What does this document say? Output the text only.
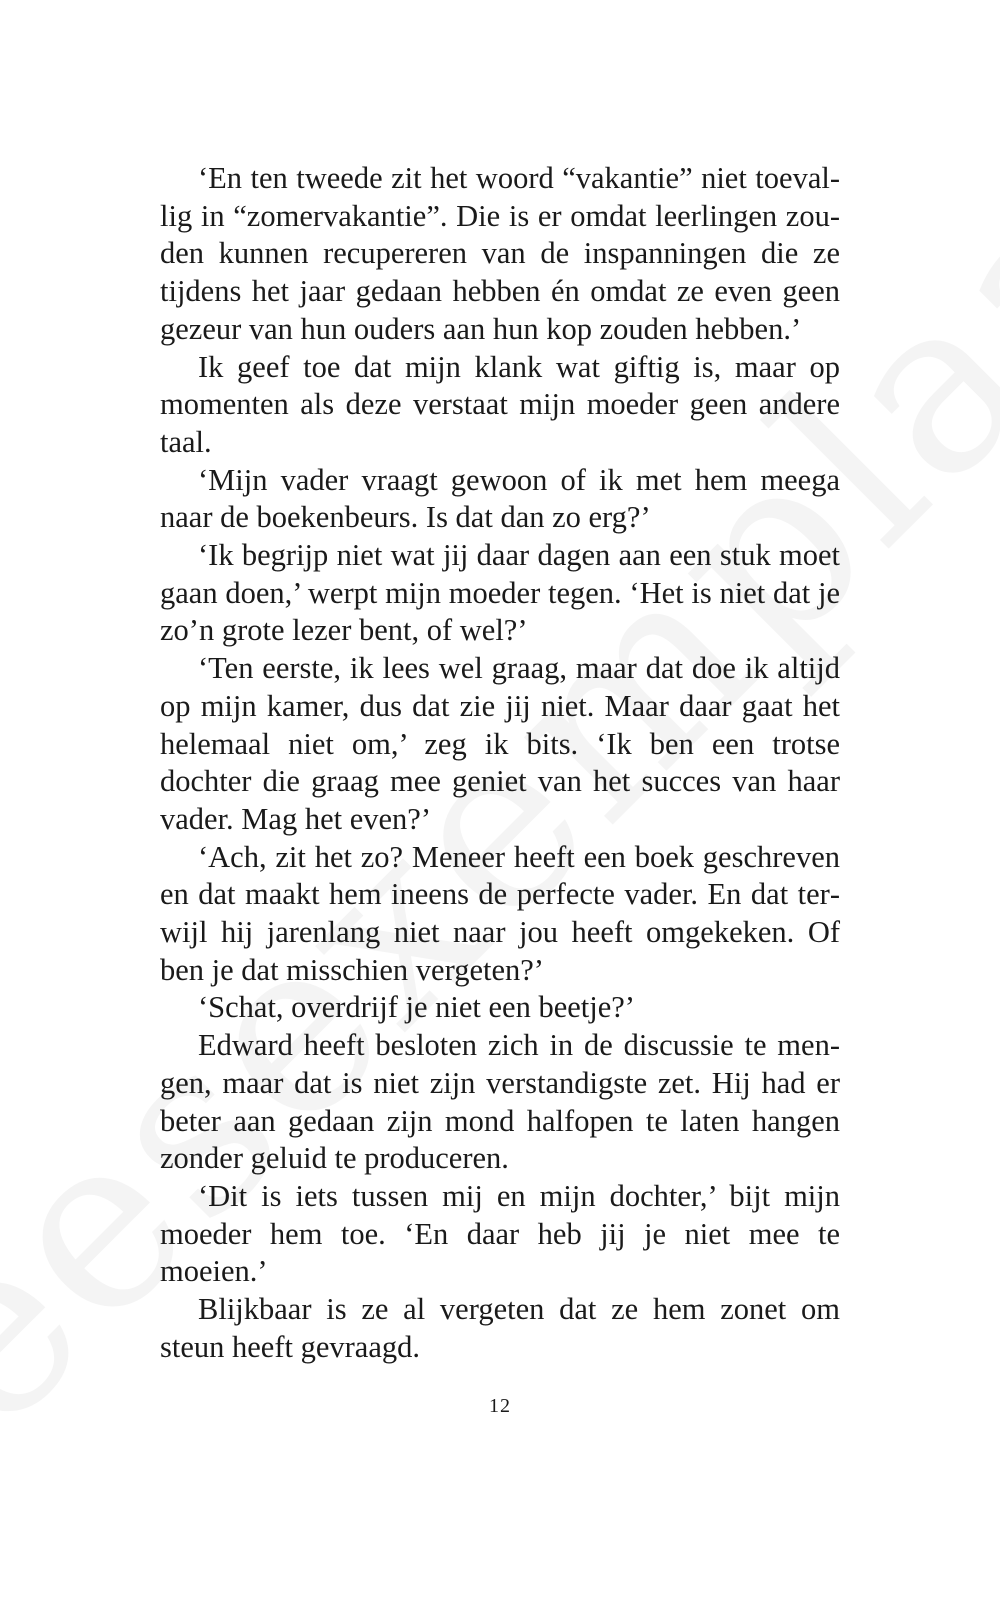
‘En ten tweede zit het woord “vakantie” niet toevallig in “zomervakantie”. Die is er omdat leerlingen zouden kunnen recupereren van de inspanningen die ze tijdens het jaar gedaan hebben én omdat ze even geen gezeur van hun ouders aan hun kop zouden hebben.’

Ik geef toe dat mijn klank wat giftig is, maar op momenten als deze verstaat mijn moeder geen andere taal.

‘Mijn vader vraagt gewoon of ik met hem meega naar de boekenbeurs. Is dat dan zo erg?’

‘Ik begrijp niet wat jij daar dagen aan een stuk moet gaan doen,’ werpt mijn moeder tegen. ‘Het is niet dat je zo’n grote lezer bent, of wel?’

‘Ten eerste, ik lees wel graag, maar dat doe ik altijd op mijn kamer, dus dat zie jij niet. Maar daar gaat het helemaal niet om,’ zeg ik bits. ‘Ik ben een trotse dochter die graag mee geniet van het succes van haar vader. Mag het even?’

‘Ach, zit het zo? Meneer heeft een boek geschreven en dat maakt hem ineens de perfecte vader. En dat terwijl hij jarenlang niet naar jou heeft omgekeken. Of ben je dat misschien vergeten?’

‘Schat, overdrijf je niet een beetje?’

Edward heeft besloten zich in de discussie te mengen, maar dat is niet zijn verstandigste zet. Hij had er beter aan gedaan zijn mond halfopen te laten hangen zonder geluid te produceren.

‘Dit is iets tussen mij en mijn dochter,’ bijt mijn moeder hem toe. ‘En daar heb jij je niet mee te moeien.’

Blijkbaar is ze al vergeten dat ze hem zonet om steun heeft gevraagd.

12
